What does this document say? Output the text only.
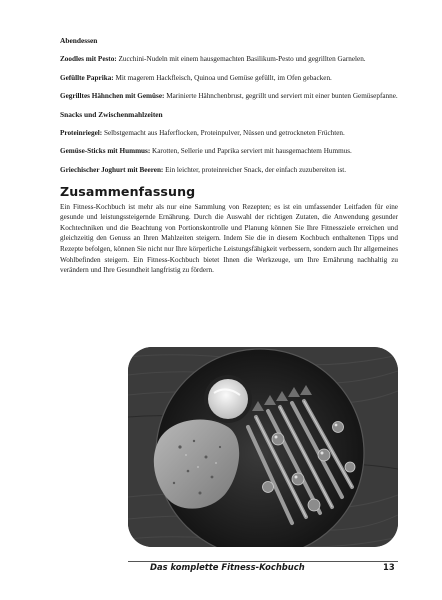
Abendessen

Zoodles mit Pesto: Zucchini-Nudeln mit einem hausgemachten Basilikum-Pesto und gegrillten Garnelen.

Gefüllte Paprika: Mit magerem Hackfleisch, Quinoa und Gemüse gefüllt, im Ofen gebacken.

Gegrilltes Hähnchen mit Gemüse: Marinierte Hähnchenbrust, gegrillt und serviert mit einer bunten Gemüsepfanne.

Snacks und Zwischenmahlzeiten

Proteinriegel: Selbstgemacht aus Haferflocken, Proteinpulver, Nüssen und getrockneten Früchten.

Gemüse-Sticks mit Hummus: Karotten, Sellerie und Paprika serviert mit hausgemachtem Hummus.

Griechischer Joghurt mit Beeren: Ein leichter, proteinreicher Snack, der einfach zuzubereiten ist.

Zusammenfassung

Ein Fitness-Kochbuch ist mehr als nur eine Sammlung von Rezepten; es ist ein umfassender Leitfaden für eine gesunde und leistungssteigernde Ernährung. Durch die Auswahl der richtigen Zutaten, die Anwendung gesunder Kochtechniken und die Beachtung von Portionskontrolle und Planung können Sie Ihre Fitnessziele erreichen und gleichzeitig den Genuss an Ihren Mahlzeiten steigern. Indem Sie die in diesem Kochbuch enthaltenen Tipps und Rezepte befolgen, können Sie nicht nur Ihre körperliche Leistungsfähigkeit verbessern, sondern auch Ihr allgemeines Wohlbefinden steigern. Ein Fitness-Kochbuch bietet Ihnen die Werkzeuge, um Ihre Ernährung nachhaltig zu verändern und Ihre Gesundheit langfristig zu fördern.

Das komplette Fitness-Kochbuch	13
